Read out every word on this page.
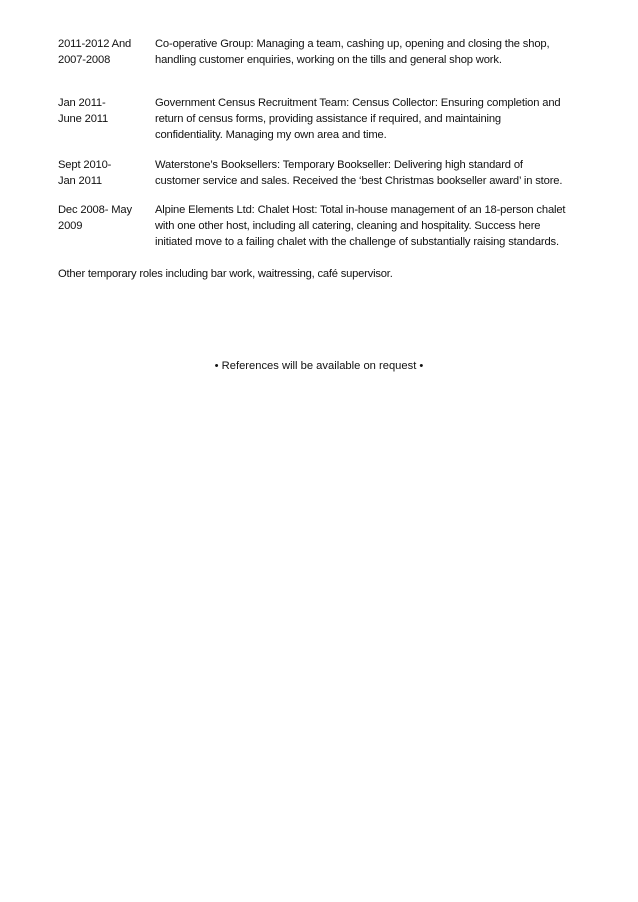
2011-2012 And
2007-2008
Co-operative Group: Managing a team, cashing up, opening and closing the shop,
handling customer enquiries, working on the tills and general shop work.
Jan 2011-
June 2011
Government Census Recruitment Team: Census Collector: Ensuring completion and
return of census forms, providing assistance if required, and maintaining
confidentiality. Managing my own area and time.
Sept 2010-
Jan 2011
Waterstone’s Booksellers: Temporary Bookseller: Delivering high standard of
customer service and sales. Received the ‘best Christmas bookseller award’ in store.
Dec 2008- May
2009
Alpine Elements Ltd: Chalet Host: Total in-house management of an 18-person chalet
with one other host, including all catering, cleaning and hospitality. Success here
initiated move to a failing chalet with the challenge of substantially raising standards.
Other temporary roles including bar work, waitressing, café supervisor.
• References will be available on request •
